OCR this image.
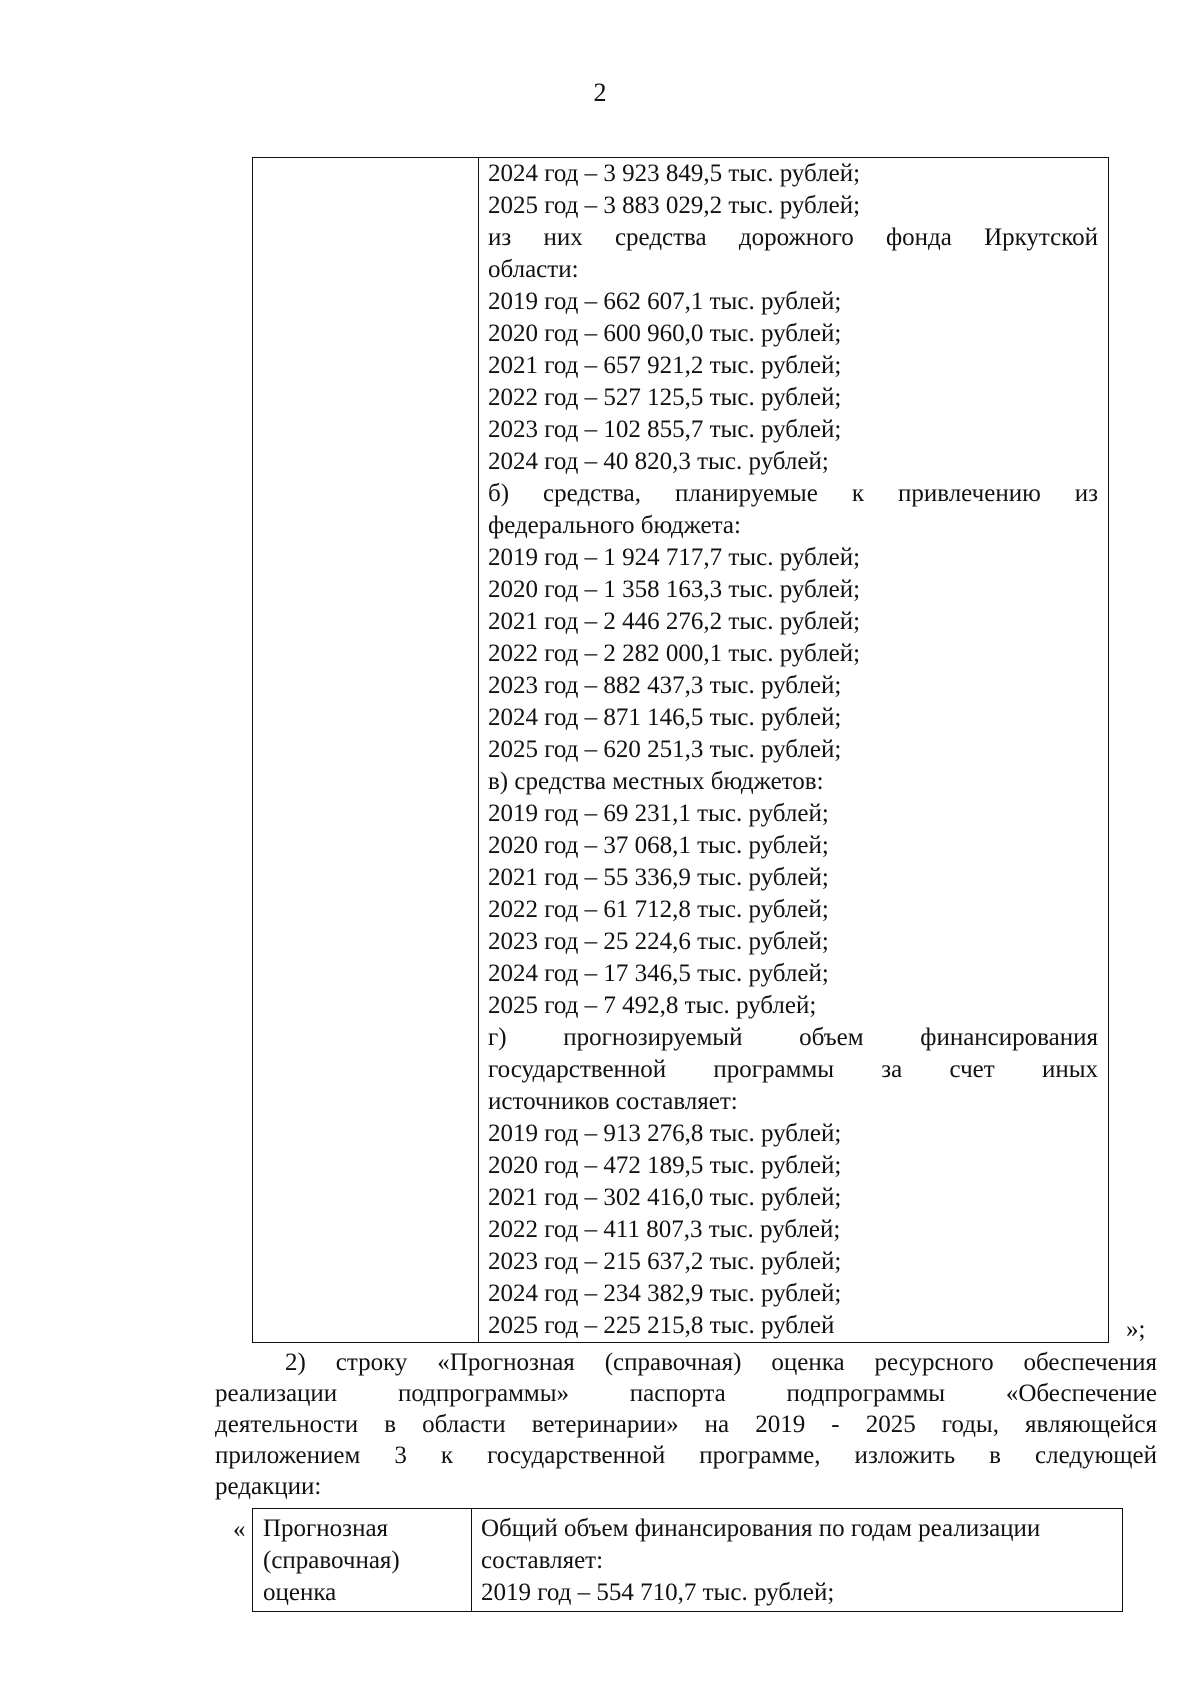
2
2024 год – 3 923 849,5 тыс. рублей;
2025 год – 3 883 029,2 тыс. рублей;
из них средства дорожного фонда Иркутской
области:
2019 год – 662 607,1 тыс. рублей;
2020 год – 600 960,0 тыс. рублей;
2021 год – 657 921,2 тыс. рублей;
2022 год – 527 125,5 тыс. рублей;
2023 год – 102 855,7 тыс. рублей;
2024 год – 40 820,3 тыс. рублей;
б) средства, планируемые к привлечению из
федерального бюджета:
2019 год – 1 924 717,7 тыс. рублей;
2020 год – 1 358 163,3 тыс. рублей;
2021 год – 2 446 276,2 тыс. рублей;
2022 год – 2 282 000,1 тыс. рублей;
2023 год – 882 437,3 тыс. рублей;
2024 год – 871 146,5 тыс. рублей;
2025 год – 620 251,3 тыс. рублей;
в) средства местных бюджетов:
2019 год – 69 231,1 тыс. рублей;
2020 год – 37 068,1 тыс. рублей;
2021 год – 55 336,9 тыс. рублей;
2022 год – 61 712,8 тыс. рублей;
2023 год – 25 224,6 тыс. рублей;
2024 год – 17 346,5 тыс. рублей;
2025 год – 7 492,8 тыс. рублей;
г) прогнозируемый объем финансирования
государственной программы за счет иных
источников составляет:
2019 год – 913 276,8 тыс. рублей;
2020 год – 472 189,5 тыс. рублей;
2021 год – 302 416,0 тыс. рублей;
2022 год – 411 807,3 тыс. рублей;
2023 год – 215 637,2 тыс. рублей;
2024 год – 234 382,9 тыс. рублей;
2025 год – 225 215,8 тыс. рублей	»;
2) строку «Прогнозная (справочная) оценка ресурсного обеспечения
реализации подпрограммы» паспорта подпрограммы «Обеспечение
деятельности в области ветеринарии» на 2019 - 2025 годы, являющейся
приложением 3 к государственной программе, изложить в следующей
редакции:
« Прогнозная
(справочная)
оценка
Общий объем финансирования по годам реализации
составляет:
2019 год – 554 710,7 тыс. рублей;
